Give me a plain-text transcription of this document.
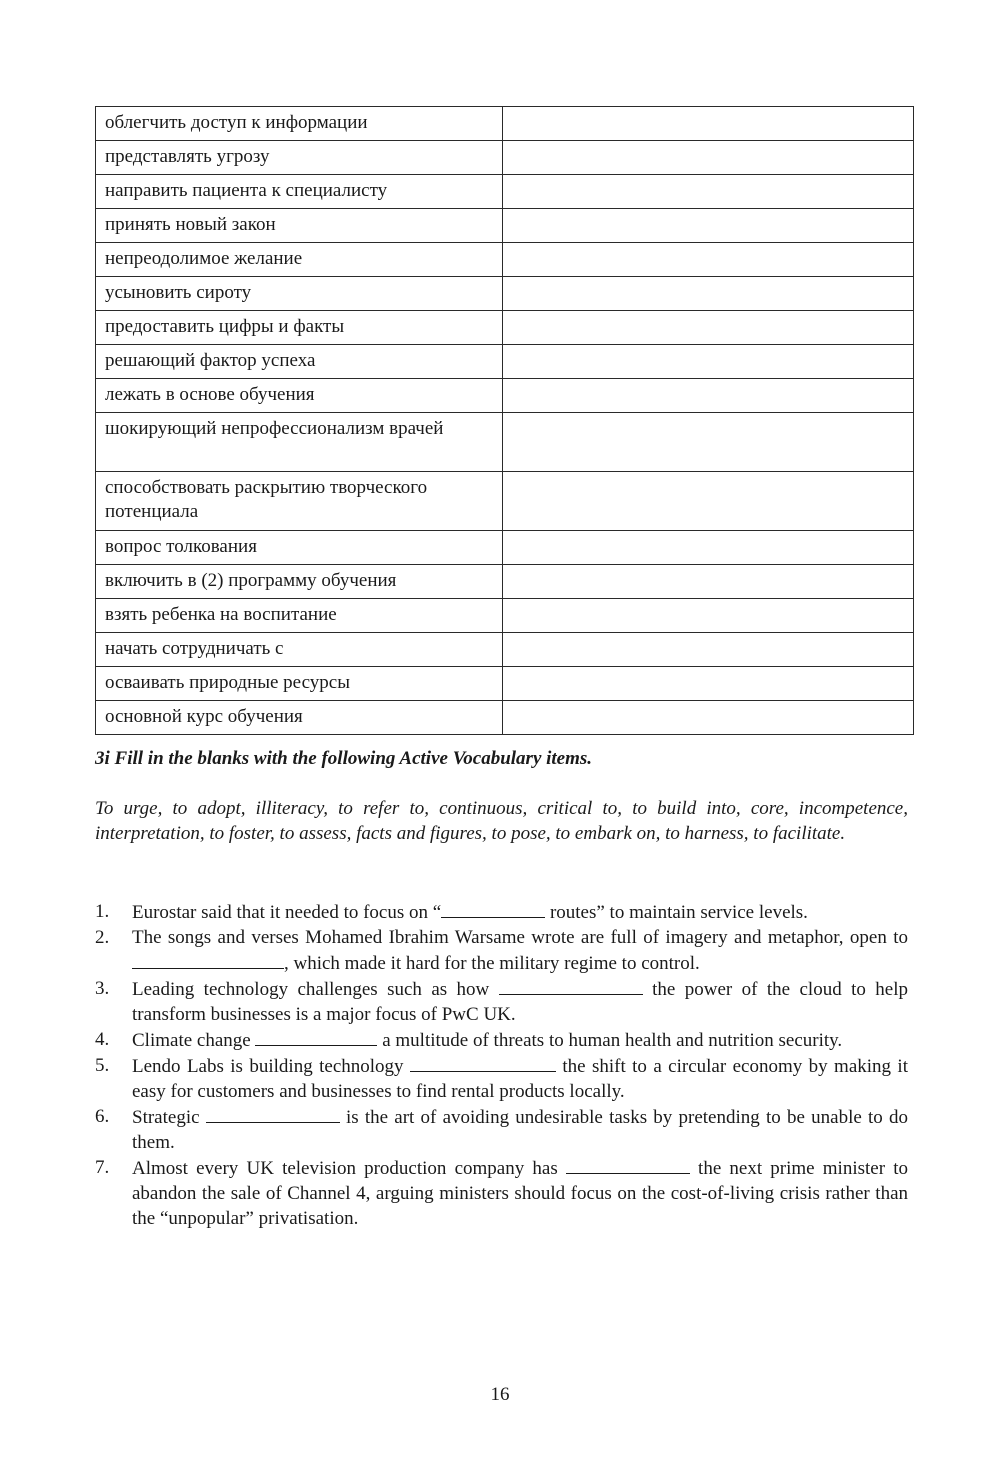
облегчить доступ к информации	
представлять угрозу	
направить пациента к специалисту	
принять новый закон	
непреодолимое желание	
усыновить сироту	
предоставить цифры и факты	
решающий фактор успеха	
лежать в основе обучения	
шокирующий непрофессионализм врачей	
способствовать раскрытию творческого потенциала	
вопрос толкования	
включить в (2) программу обучения	
взять ребенка на воспитание	
начать сотрудничать с	
осваивать природные ресурсы	
основной курс обучения	

3i Fill in the blanks with the following Active Vocabulary items.

To urge, to adopt, illiteracy, to refer to, continuous, critical to, to build into, core, incompetence, interpretation, to foster, to assess, facts and figures, to pose, to embark on, to harness, to facilitate.

1.	Eurostar said that it needed to focus on “	routes” to maintain service levels.
2.	The songs and verses Mohamed Ibrahim Warsame wrote are full of imagery and metaphor, open to , which made it hard for the military regime to control.
3.	Leading technology challenges such as how	the power of the cloud to help transform businesses is a major focus of PwC UK.
4.	Climate change	a multitude of threats to human health and nutrition security.
5.	Lendo Labs is building technology	the shift to a circular economy by making it easy for customers and businesses to find rental products locally.
6.	Strategic	is the art of avoiding undesirable tasks by pretending to be unable to do them.
7.	Almost every UK television production company has	the next prime minister to abandon the sale of Channel 4, arguing ministers should focus on the cost-of-living crisis rather than the “unpopular” privatisation.
16
